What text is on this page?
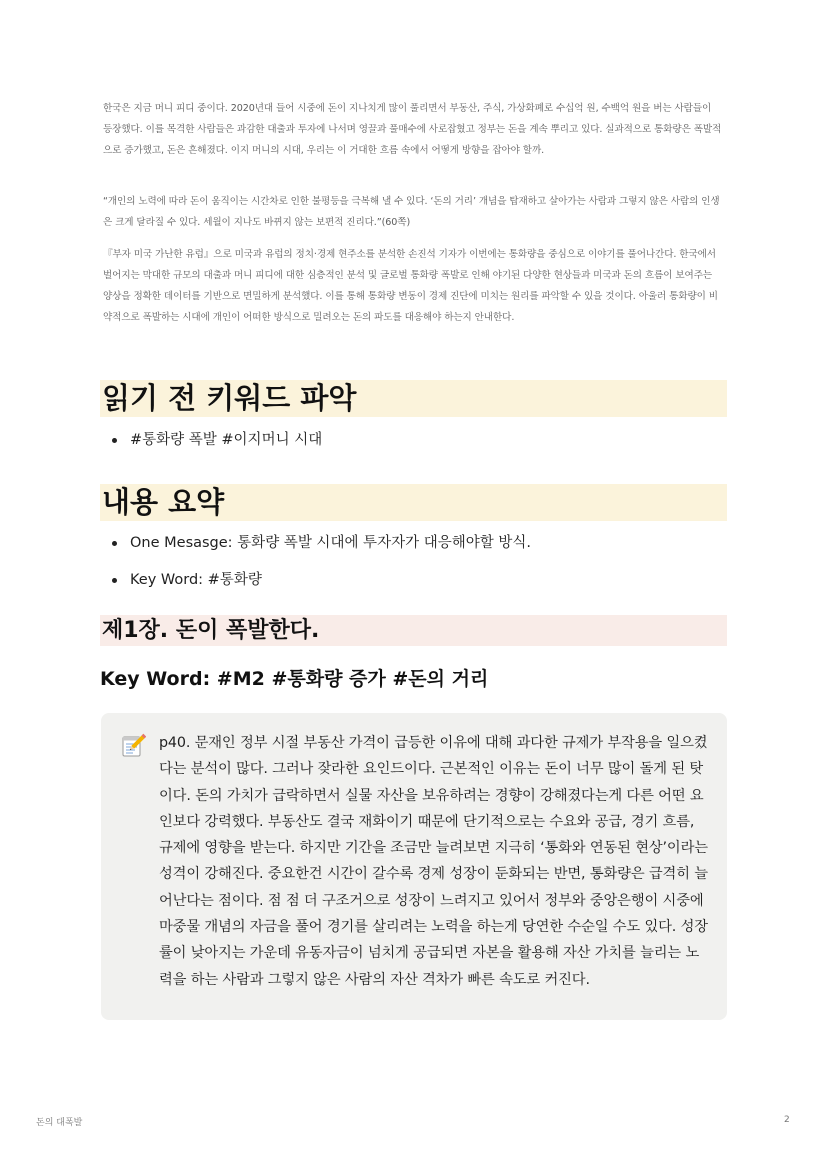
한국은 지금 머니 피디 중이다. 2020년대 들어 시중에 돈이 지나치게 많이 풀리면서 부동산, 주식, 가상화폐로 수십억 원, 수백억 원을 버는 사람들이 등장했다. 이를 목격한 사람들은 과감한 대출과 투자에 나서며 영끌과 풀매수에 사로잡혔고 정부는 돈을 계속 뿌리고 있다. 실과적으로 통화량은 폭발적으로 증가했고, 돈은 흔해졌다. 이지 머니의 시대, 우리는 이 거대한 흐름 속에서 어떻게 방향을 잡아야 할까.

“개인의 노력에 따라 돈이 움직이는 시간차로 인한 불평등을 극복해 낼 수 있다. ‘돈의 거리’ 개념을 탑재하고 살아가는 사람과 그렇지 않은 사람의 인생은 크게 달라질 수 있다. 세월이 지나도 바뀌지 않는 보편적 진리다.”(60쪽)

『부자 미국 가난한 유럽』으로 미국과 유럽의 정치·경제 현주소를 분석한 손진석 기자가 이번에는 통화량을 중심으로 이야기를 풀어나간다. 한국에서 벌어지는 막대한 규모의 대출과 머니 피디에 대한 심층적인 분석 및 글로벌 통화량 폭발로 인해 야기된 다양한 현상들과 미국과 돈의 흐름이 보여주는 양상을 정확한 데이터를 기반으로 면밀하게 분석했다. 이를 통해 통화량 변동이 경제 진단에 미치는 원리를 파악할 수 있을 것이다. 아울러 통화량이 비약적으로 폭발하는 시대에 개인이 어떠한 방식으로 밀려오는 돈의 파도를 대응해야 하는지 안내한다.

읽기 전 키워드 파악
#통화량 폭발 #이지머니 시대
내용 요약
One Mesasge: 통화량 폭발 시대에 투자자가 대응해야할 방식.
Key Word: #통화량
제1장. 돈이 폭발한다.
Key Word: #M2 #통화량 증가 #돈의 거리

p40. 문재인 정부 시절 부동산 가격이 급등한 이유에 대해 과다한 규제가 부작용을 일으켰다는 분석이 많다. 그러나 잦라한 요인드이다. 근본적인 이유는 돈이 너무 많이 돌게 된 탓이다. 돈의 가치가 급락하면서 실물 자산을 보유하려는 경향이 강해졌다는게 다른 어떤 요인보다 강력했다. 부동산도 결국 재화이기 때문에 단기적으로는 수요와 공급, 경기 흐름, 규제에 영향을 받는다. 하지만 기간을 조금만 늘려보면 지극히 ‘통화와 연동된 현상’이라는 성격이 강해진다. 중요한건 시간이 갈수록 경제 성장이 둔화되는 반면, 통화량은 급격히 늘어난다는 점이다. 점 점 더 구조거으로 성장이 느려지고 있어서 정부와 중앙은행이 시중에 마중물 개념의 자금을 풀어 경기를 살리려는 노력을 하는게 당연한 수순일 수도 있다. 성장률이 낮아지는 가운데 유동자금이 넘치게 공급되면 자본을 활용해 자산 가치를 늘리는 노력을 하는 사람과 그렇지 않은 사람의 자산 격차가 빠른 속도로 커진다.

돈의 대폭발	2
